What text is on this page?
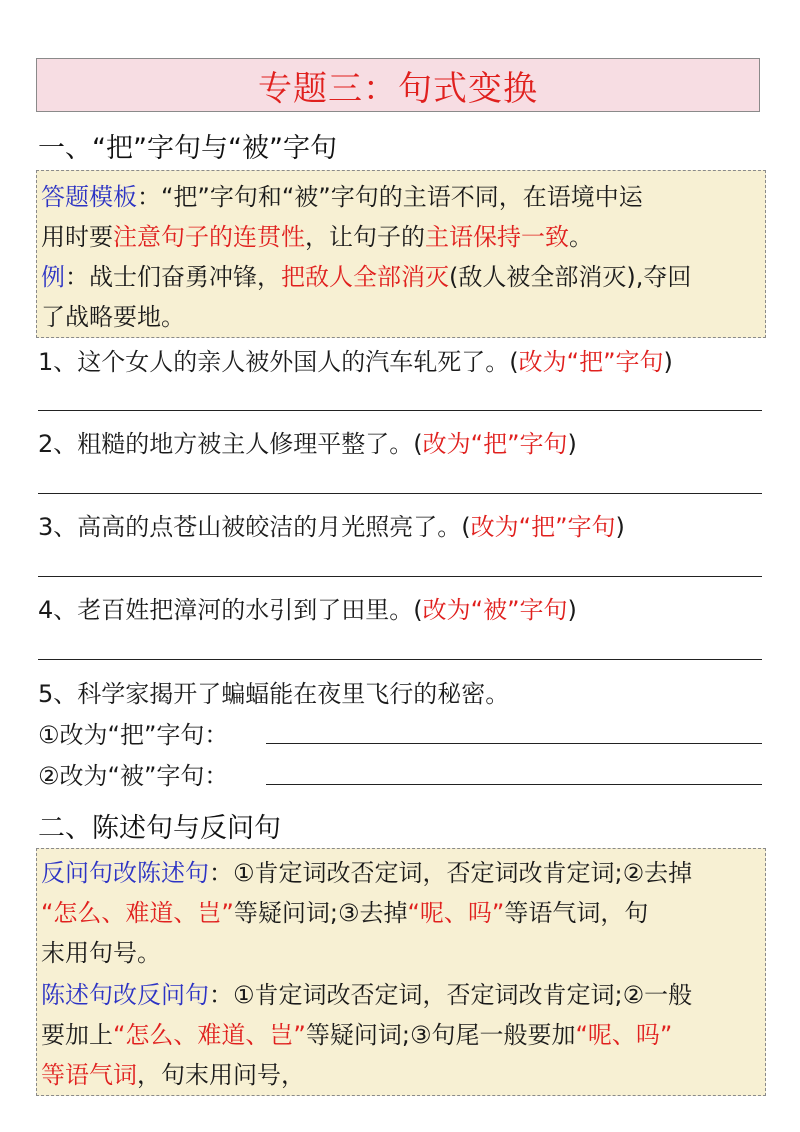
专题三：句式变换
一、“把”字句与“被”字句
答题模板：“把”字句和“被”字句的主语不同，在语境中运
用时要注意句子的连贯性，让句子的主语保持一致。
例：战士们奋勇冲锋，把敌人全部消灭(敌人被全部消灭),夺回
了战略要地。
1、这个女人的亲人被外国人的汽车轧死了。(改为“把”字句)
2、粗糙的地方被主人修理平整了。(改为“把”字句)
3、高高的点苍山被皎洁的月光照亮了。(改为“把”字句)
4、老百姓把漳河的水引到了田里。(改为“被”字句)
5、科学家揭开了蝙蝠能在夜里飞行的秘密。
①改为“把”字句：
②改为“被”字句：
二、陈述句与反问句
反问句改陈述句：①肯定词改否定词，否定词改肯定词;②去掉
“怎么、难道、岂”等疑问词;③去掉“呢、吗”等语气词，句
末用句号。
陈述句改反问句：①肯定词改否定词，否定词改肯定词;②一般
要加上“怎么、难道、岂”等疑问词;③句尾一般要加“呢、吗”
等语气词，句末用问号，
